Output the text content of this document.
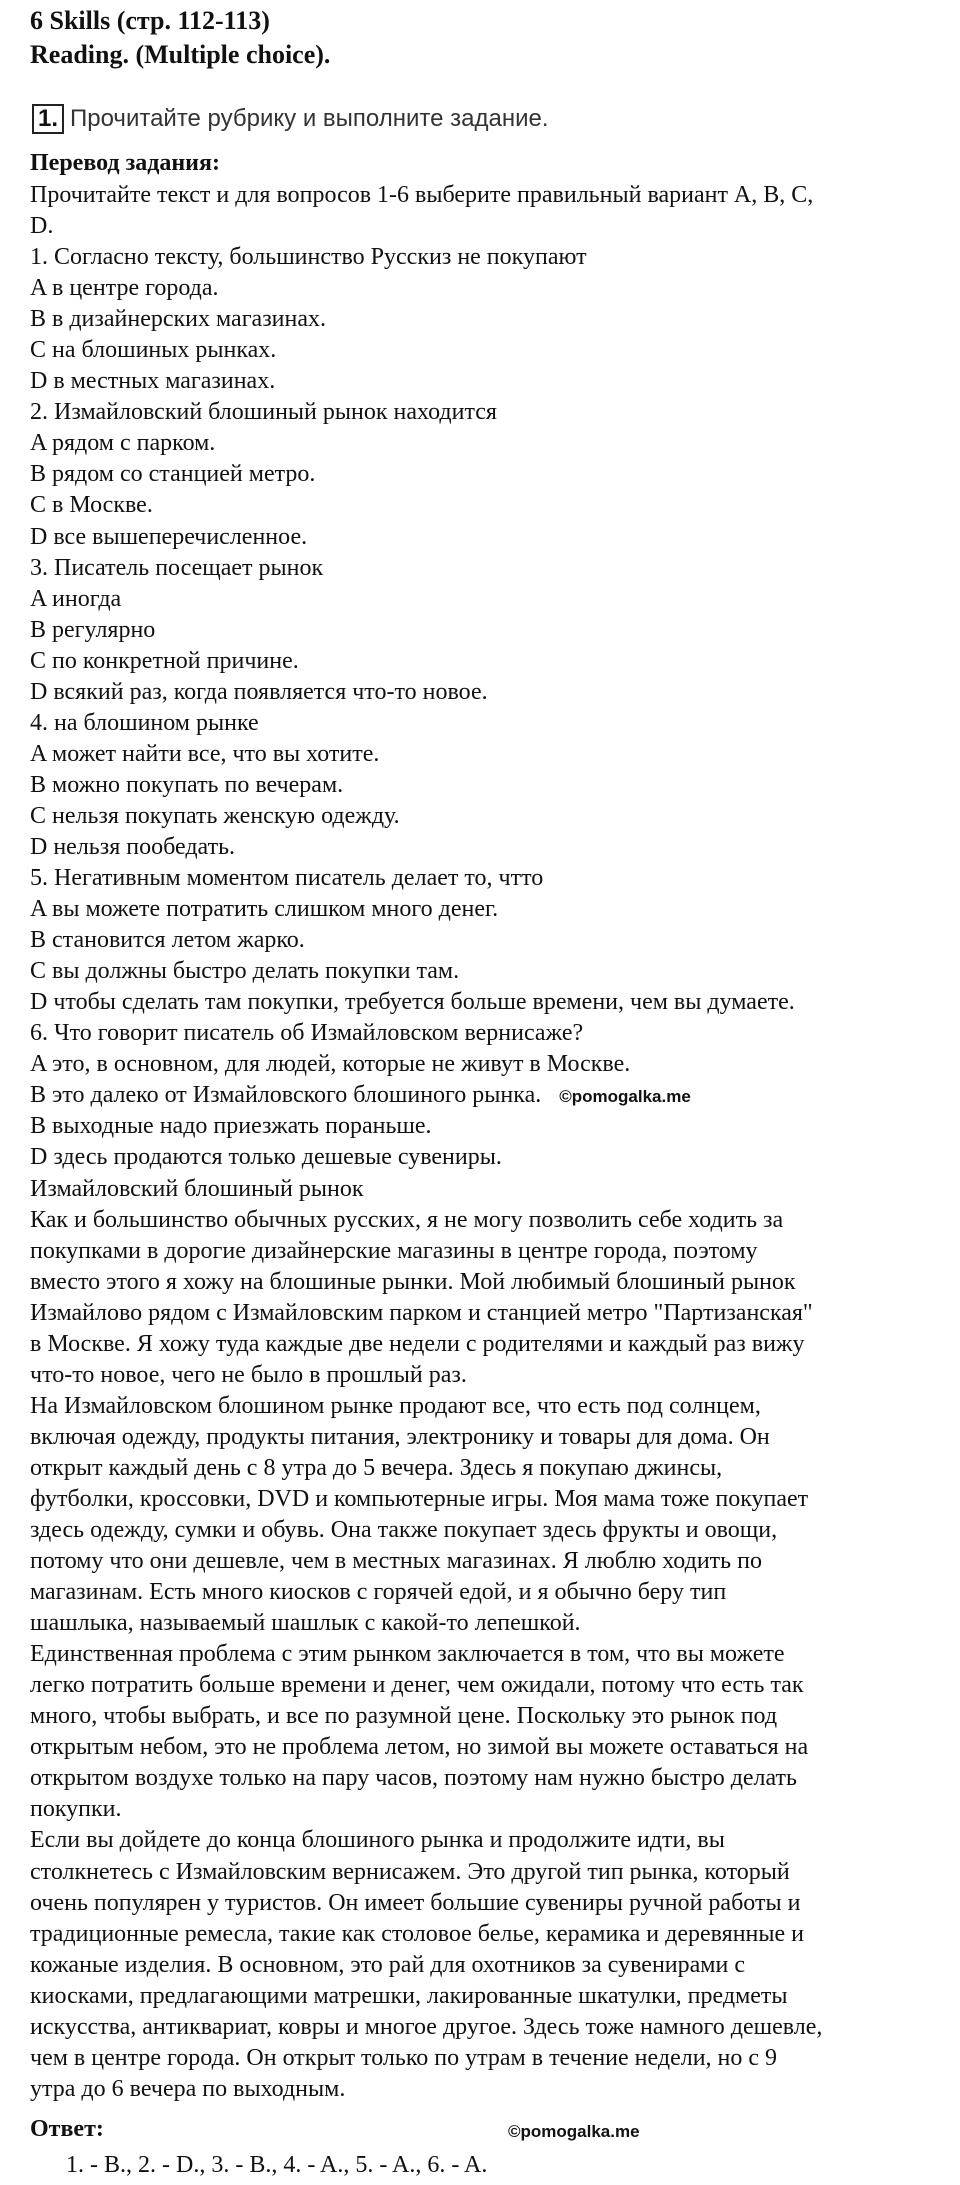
6 Skills (стр. 112-113)
Reading. (Multiple choice).
1. Прочитайте рубрику и выполните задание.
Перевод задания:
Прочитайте текст и для вопросов 1-6 выберите правильный вариант A, B, C,
D.
1. Согласно тексту, большинство Русскиз не покупают
A в центре города.
B в дизайнерских магазинах.
C на блошиных рынках.
D в местных магазинах.
2. Измайловский блошиный рынок находится
A рядом с парком.
B рядом со станцией метро.
C в Москве.
D все вышеперечисленное.
3. Писатель посещает рынок
A иногда
B регулярно
C по конкретной причине.
D всякий раз, когда появляется что-то новое.
4. на блошином рынке
A может найти все, что вы хотите.
B можно покупать по вечерам.
C нельзя покупать женскую одежду.
D нельзя пообедать.
5. Негативным моментом писатель делает то, чтто
A вы можете потратить слишком много денег.
B становится летом жарко.
C вы должны быстро делать покупки там.
D чтобы сделать там покупки, требуется больше времени, чем вы думаете.
6. Что говорит писатель об Измайловском вернисаже?
A это, в основном, для людей, которые не живут в Москве.
B это далеко от Измайловского блошиного рынка. ©pomogalka.me
B выходные надо приезжать пораньше.
D здесь продаются только дешевые сувениры.
Измайловский блошиный рынок
Как и большинство обычных русских, я не могу позволить себе ходить за
покупками в дорогие дизайнерские магазины в центре города, поэтому
вместо этого я хожу на блошиные рынки. Мой любимый блошиный рынок
Измайлово рядом с Измайловским парком и станцией метро "Партизанская"
в Москве. Я хожу туда каждые две недели с родителями и каждый раз вижу
что-то новое, чего не было в прошлый раз.
На Измайловском блошином рынке продают все, что есть под солнцем,
включая одежду, продукты питания, электронику и товары для дома. Он
открыт каждый день с 8 утра до 5 вечера. Здесь я покупаю джинсы,
футболки, кроссовки, DVD и компьютерные игры. Моя мама тоже покупает
здесь одежду, сумки и обувь. Она также покупает здесь фрукты и овощи,
потому что они дешевле, чем в местных магазинах. Я люблю ходить по
магазинам. Есть много киосков с горячей едой, и я обычно беру тип
шашлыка, называемый шашлык с какой-то лепешкой.
Единственная проблема с этим рынком заключается в том, что вы можете
легко потратить больше времени и денег, чем ожидали, потому что есть так
много, чтобы выбрать, и все по разумной цене. Поскольку это рынок под
открытым небом, это не проблема летом, но зимой вы можете оставаться на
открытом воздухе только на пару часов, поэтому нам нужно быстро делать
покупки.
Если вы дойдете до конца блошиного рынка и продолжите идти, вы
столкнетесь с Измайловским вернисажем. Это другой тип рынка, который
очень популярен у туристов. Он имеет большие сувениры ручной работы и
традиционные ремесла, такие как столовое белье, керамика и деревянные и
кожаные изделия. В основном, это рай для охотников за сувенирами с
киосками, предлагающими матрешки, лакированные шкатулки, предметы
искусства, антиквариат, ковры и многое другое. Здесь тоже намного дешевле,
чем в центре города. Он открыт только по утрам в течение недели, но с 9
утра до 6 вечера по выходным.
Ответ:	©pomogalka.me
1. - B., 2. - D., 3. - B., 4. - A., 5. - A., 6. - A.
